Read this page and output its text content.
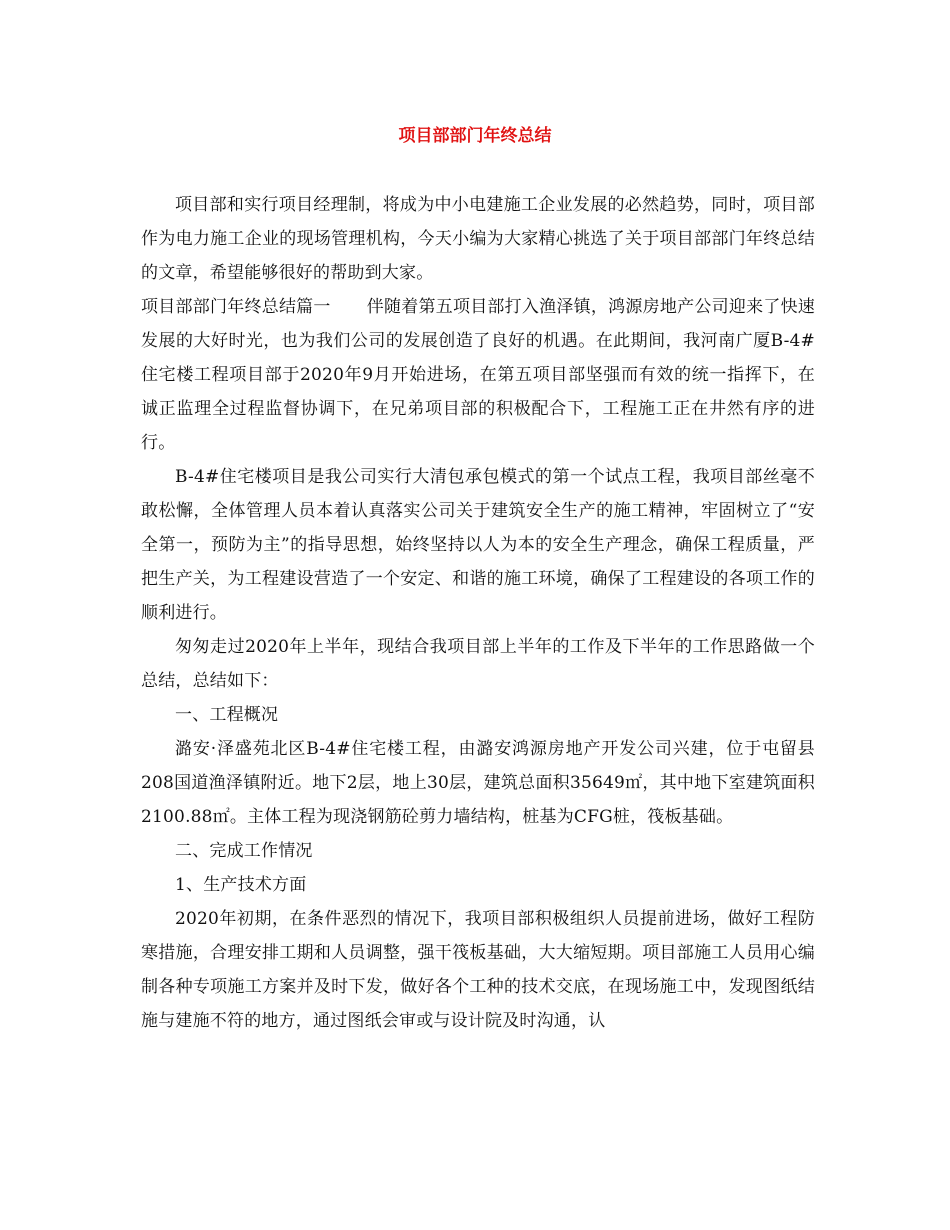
项目部部门年终总结

项目部和实行项目经理制，将成为中小电建施工企业发展的必然趋势，同时，项目部作为电力施工企业的现场管理机构，今天小编为大家精心挑选了关于项目部部门年终总结的文章，希望能够很好的帮助到大家。

项目部部门年终总结篇一 伴随着第五项目部打入渔泽镇，鸿源房地产公司迎来了快速发展的大好时光，也为我们公司的发展创造了良好的机遇。在此期间，我河南广厦B-4#住宅楼工程项目部于2020年9月开始进场，在第五项目部坚强而有效的统一指挥下，在诚正监理全过程监督协调下，在兄弟项目部的积极配合下，工程施工正在井然有序的进行。

B-4#住宅楼项目是我公司实行大清包承包模式的第一个试点工程，我项目部丝毫不敢松懈，全体管理人员本着认真落实公司关于建筑安全生产的施工精神，牢固树立了“安全第一，预防为主”的指导思想，始终坚持以人为本的安全生产理念，确保工程质量，严把生产关，为工程建设营造了一个安定、和谐的施工环境，确保了工程建设的各项工作的顺利进行。

匆匆走过2020年上半年，现结合我项目部上半年的工作及下半年的工作思路做一个总结，总结如下：

一、工程概况

潞安·泽盛苑北区B-4#住宅楼工程，由潞安鸿源房地产开发公司兴建，位于屯留县208国道渔泽镇附近。地下2层，地上30层，建筑总面积35649㎡，其中地下室建筑面积2100.88㎡。主体工程为现浇钢筋砼剪力墙结构，桩基为CFG桩，筏板基础。

二、完成工作情况

1、生产技术方面

2020年初期，在条件恶烈的情况下，我项目部积极组织人员提前进场，做好工程防寒措施，合理安排工期和人员调整，强干筏板基础，大大缩短期。项目部施工人员用心编制各种专项施工方案并及时下发，做好各个工种的技术交底，在现场施工中，发现图纸结施与建施不符的地方，通过图纸会审或与设计院及时沟通，认
